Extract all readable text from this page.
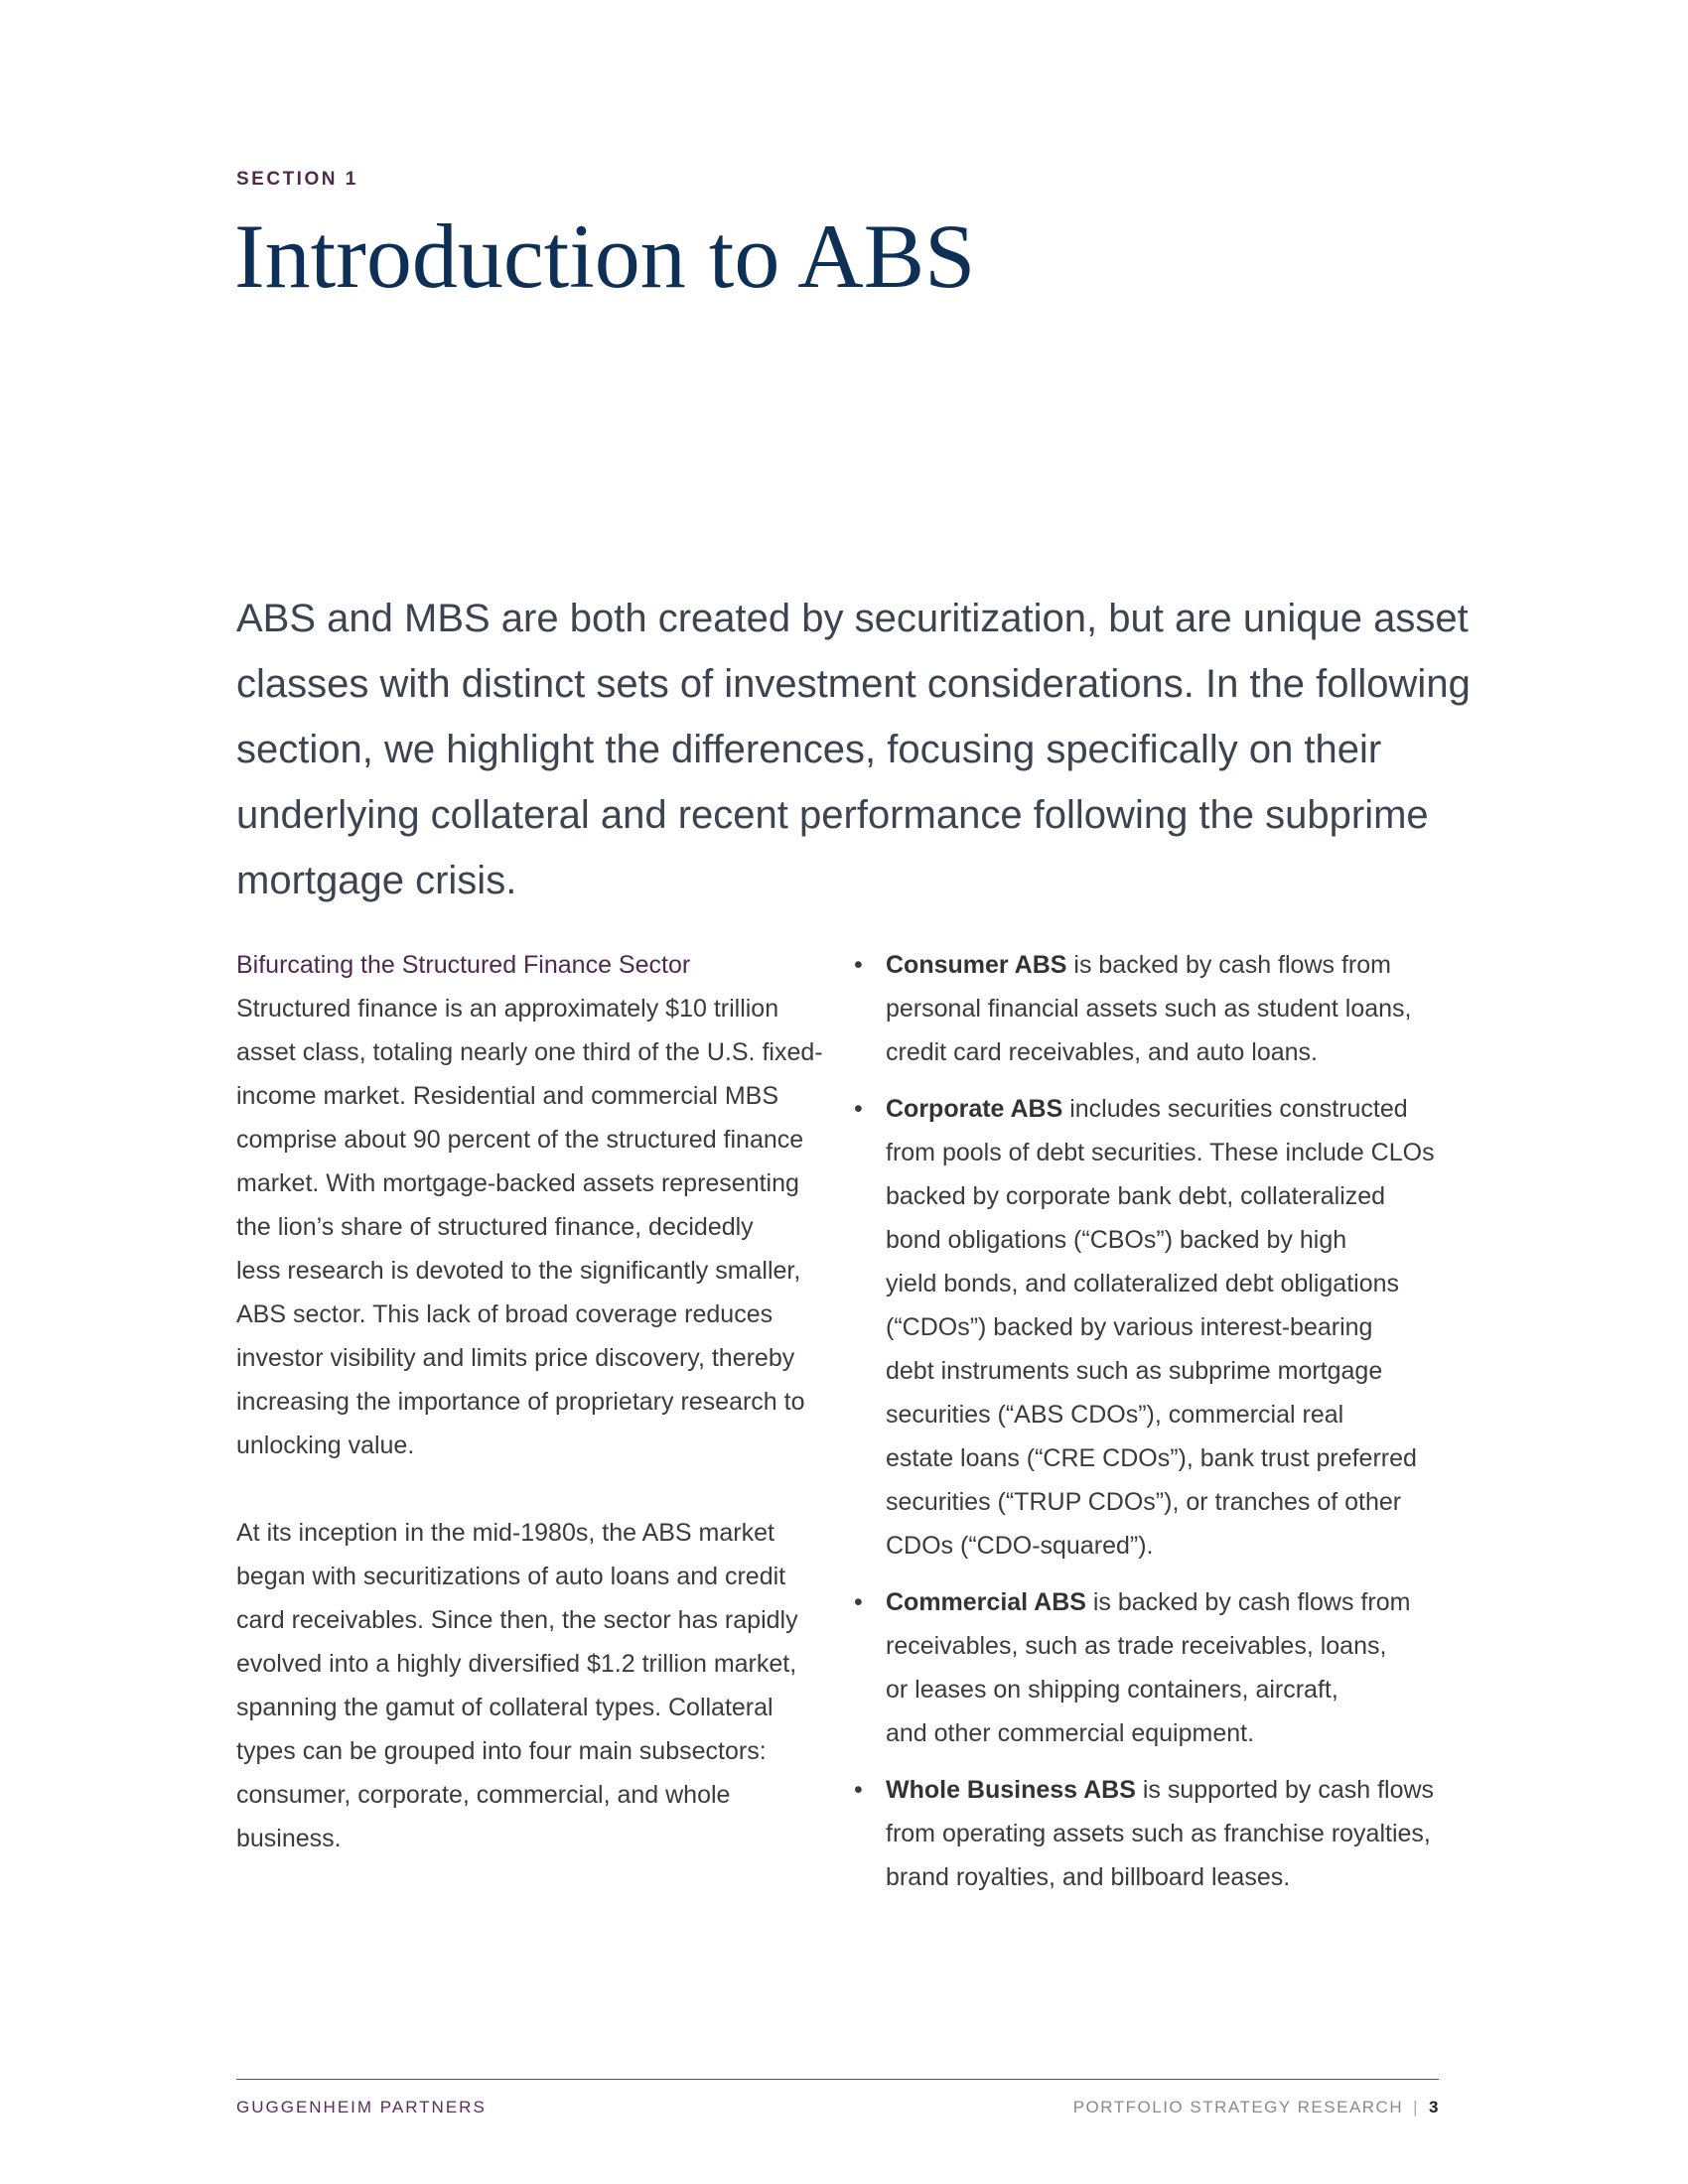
SECTION 1
Introduction to ABS
ABS and MBS are both created by securitization, but are unique asset
classes with distinct sets of investment considerations. In the following
section, we highlight the differences, focusing specifically on their
underlying collateral and recent performance following the subprime
mortgage crisis.
Bifurcating the Structured Finance Sector
Structured finance is an approximately $10 trillion
asset class, totaling nearly one third of the U.S. fixed-
income market. Residential and commercial MBS
comprise about 90 percent of the structured finance
market. With mortgage-backed assets representing
the lion’s share of structured finance, decidedly
less research is devoted to the significantly smaller,
ABS sector. This lack of broad coverage reduces
investor visibility and limits price discovery, thereby
increasing the importance of proprietary research to
unlocking value.
At its inception in the mid-1980s, the ABS market
began with securitizations of auto loans and credit
card receivables. Since then, the sector has rapidly
evolved into a highly diversified $1.2 trillion market,
spanning the gamut of collateral types. Collateral
types can be grouped into four main subsectors:
consumer, corporate, commercial, and whole
business.
• Consumer ABS is backed by cash flows from
personal financial assets such as student loans,
credit card receivables, and auto loans.
• Corporate ABS includes securities constructed
from pools of debt securities. These include CLOs
backed by corporate bank debt, collateralized
bond obligations (“CBOs”) backed by high
yield bonds, and collateralized debt obligations
(“CDOs”) backed by various interest-bearing
debt instruments such as subprime mortgage
securities (“ABS CDOs”), commercial real
estate loans (“CRE CDOs”), bank trust preferred
securities (“TRUP CDOs”), or tranches of other
CDOs (“CDO-squared”).
• Commercial ABS is backed by cash flows from
receivables, such as trade receivables, loans,
or leases on shipping containers, aircraft,
and other commercial equipment.
• Whole Business ABS is supported by cash flows
from operating assets such as franchise royalties,
brand royalties, and billboard leases.
GUGGENHEIM PARTNERS	PORTFOLIO STRATEGY RESEARCH | 3
